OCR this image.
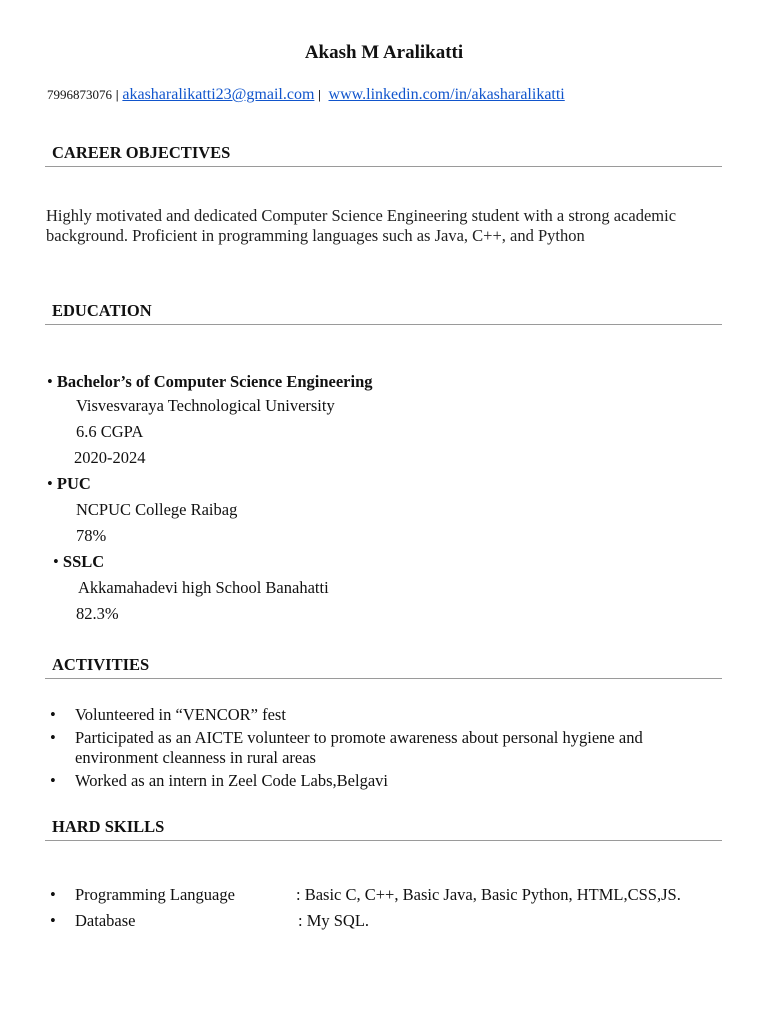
Akash M Aralikatti
7996873076 | akasharalikatti23@gmail.com | www.linkedin.com/in/akasharalikatti
CAREER OBJECTIVES
Highly motivated and dedicated Computer Science Engineering student with a strong academic background. Proficient in programming languages such as Java, C++, and Python
EDUCATION
• Bachelor’s of Computer Science Engineering
Visvesvaraya Technological University
6.6 CGPA
2020-2024
• PUC
NCPUC College Raibag
78%
• SSLC
Akkamahadevi high School Banahatti
82.3%
ACTIVITIES
• Volunteered in “VENCOR” fest
• Participated as an AICTE volunteer to promote awareness about personal hygiene and environment cleanness in rural areas
• Worked as an intern in Zeel Code Labs,Belgavi
HARD SKILLS
• Programming Language	: Basic C, C++, Basic Java, Basic Python, HTML,CSS,JS.
• Database	: My SQL.
